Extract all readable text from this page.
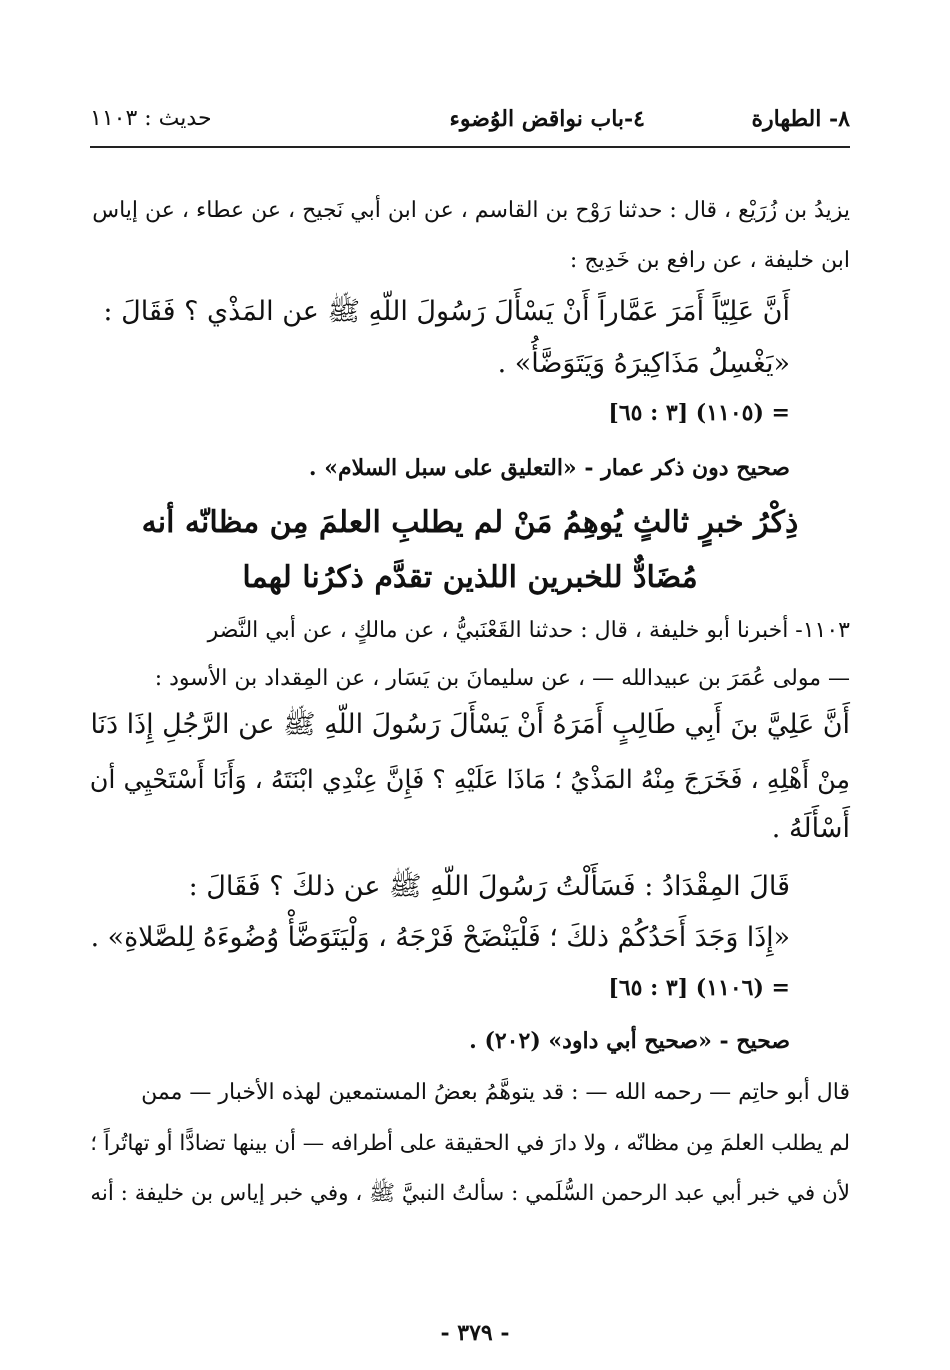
٨- الطهارة
٤-باب نواقض الوُضوء
حديث : ١١٠٣
يزيدُ بن زُرَيْع ، قال : حدثنا رَوْح بن القاسم ، عن ابن أبي نَجيح ، عن عطاء ، عن إياس
ابن خليفة ، عن رافع بن خَدِيج :
أَنَّ عَلِيّاً أَمَرَ عَمَّاراً أَنْ يَسْأَلَ رَسُولَ اللّهِ ﷺ عن المَذْي ؟ فَقَالَ :
«يَغْسِلُ مَذَاكِيرَهُ وَيَتَوَضَّأُ» .
= (١١٠٥) [٣ : ٦٥]
صحيح دون ذكر عمار - «التعليق على سبل السلام» .
ذِكْرُ خبرٍ ثالثٍ يُوهِمُ مَنْ لم يطلبِ العلمَ مِن مظانّه أنه
مُضَادٌّ للخبرين اللذين تقدَّم ذكرُنا لهما
١١٠٣- أخبرنا أبو خليفة ، قال : حدثنا القَعْنَبيُّ ، عن مالكٍ ، عن أبي النَّضر
— مولى عُمَرَ بن عبيدالله — ، عن سليمانَ بن يَسَار ، عن المِقداد بن الأسود :
أَنَّ عَلِيَّ بنَ أَبِي طَالِبٍ أَمَرَهُ أَنْ يَسْأَلَ رَسُولَ اللّهِ ﷺ عن الرَّجُلِ إِذَا دَنَا
مِنْ أَهْلِهِ ، فَخَرَجَ مِنْهُ المَذْيُ ؛ مَاذَا عَلَيْهِ ؟ فَإِنَّ عِنْدِي ابْنَتَهُ ، وَأَنَا أَسْتَحْيِي أن
أَسْأَلَهُ .
قَالَ المِقْدَادُ : فَسَأَلْتُ رَسُولَ اللّهِ ﷺ عن ذلكَ ؟ فَقَالَ :
«إِذَا وَجَدَ أَحَدُكُمْ ذلكَ ؛ فَلْيَنْضَحْ فَرْجَهُ ، وَلْيَتَوَضَّأْ وُضُوءَهُ لِلصَّلاةِ» .
= (١١٠٦) [٣ : ٦٥]
صحيح - «صحيح أبي داود» (٢٠٢) .
قال أبو حاتِم — رحمه الله — : قد يتوهَّمُ بعضُ المستمعين لهذه الأخبار — ممن
لم يطلب العلمَ مِن مظانّه ، ولا دارَ في الحقيقة على أطرافه — أن بينها تضادًّا أو تهاتُراً ؛
لأن في خبر أبي عبد الرحمن السُّلَمي : سألتُ النبيَّ ﷺ ، وفي خبر إياس بن خليفة : أنه
- ٣٧٩ -
